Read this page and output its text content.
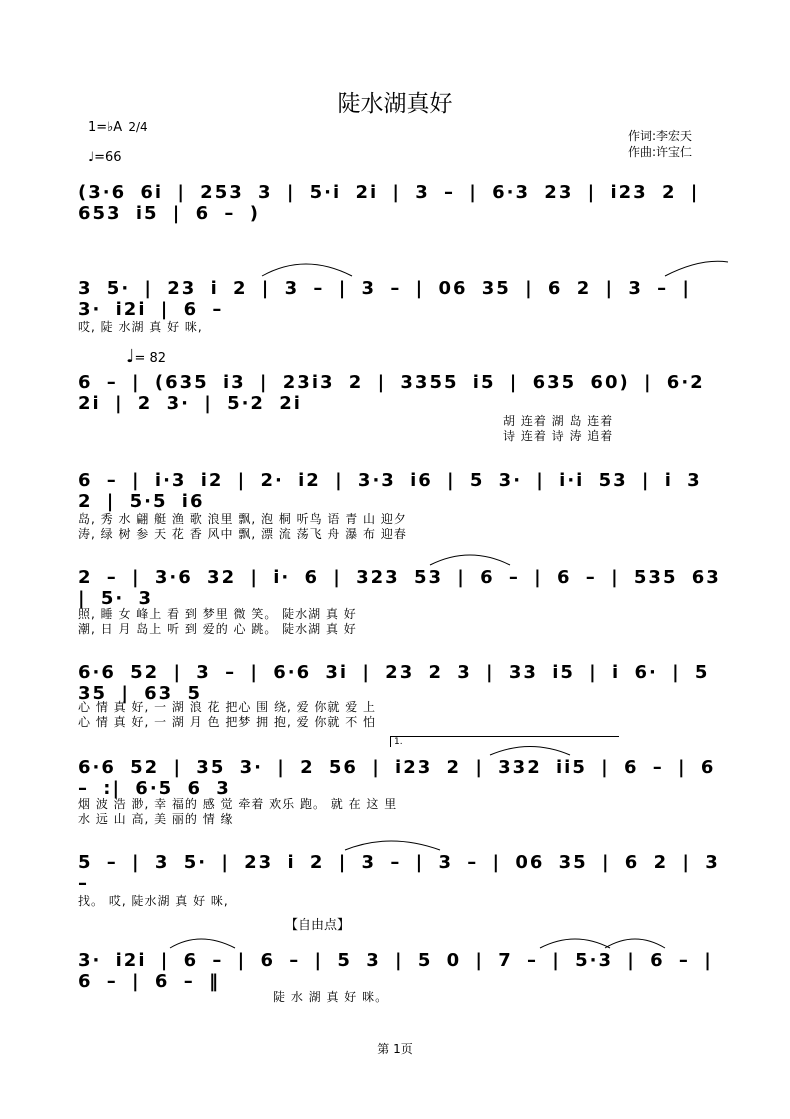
陡水湖真好
1=♭A 2/4
♩=66
作词:李宏天
作曲:许宝仁
(3·6 6i | 253 3 | 5·i 2i | 3 – | 6·3 23 | i23 2 | 653 i5 | 6 – )
3 5· | 23 i 2 | 3 – | 3 – | 06 35 | 6 2 | 3 – | 3· i2i | 6 –
哎, 陡 水湖 真 好 咪,
♩= 82
6 – | (635 i3 | 23i3 2 | 3355 i5 | 635 60) | 6·2 2i | 2 3· | 5·2 2i
胡 连着 湖 岛 连着
诗 连着 诗 涛 追着
6 – | i·3 i2 | 2· i2 | 3·3 i6 | 5 3· | i·i 53 | i 3 2 | 5·5 i6
岛, 秀 水 翩 艇 渔 歌 浪里 飘, 泡 桐 听鸟 语 青 山 迎夕
涛, 绿 树 参 天 花 香 风中 飘, 漂 流 荡飞 舟 瀑 布 迎春
2 – | 3·6 32 | i· 6 | 323 53 | 6 – | 6 – | 535 63 | 5· 3
照, 睡 女 峰上 看 到 梦里 微 笑。 陡水湖 真 好
潮, 日 月 岛上 听 到 爱的 心 跳。 陡水湖 真 好
6·6 52 | 3 – | 6·6 3i | 23 2 3 | 33 i5 | i 6· | 5 35 | 63 5
心 情 真 好, 一 湖 浪 花 把心 围 绕, 爱 你就 爱 上
心 情 真 好, 一 湖 月 色 把梦 拥 抱, 爱 你就 不 怕
1.
6·6 52 | 35 3· | 2 56 | i23 2 | 332 ii5 | 6 – | 6 – :| 6·5 6 3
烟 波 浩 渺, 幸 福的 感 觉 牵着 欢乐 跑。 就 在 这 里
水 远 山 高, 美 丽的 情 缘
5 – | 3 5· | 23 i 2 | 3 – | 3 – | 06 35 | 6 2 | 3 –
找。 哎, 陡水湖 真 好 咪,
【自由点】
3· i2i | 6 – | 6 – | 5 3 | 5 0 | 7 – | 5·3 | 6 – | 6 – | 6 – ‖
陡 水 湖 真 好 咪。
第 1页
